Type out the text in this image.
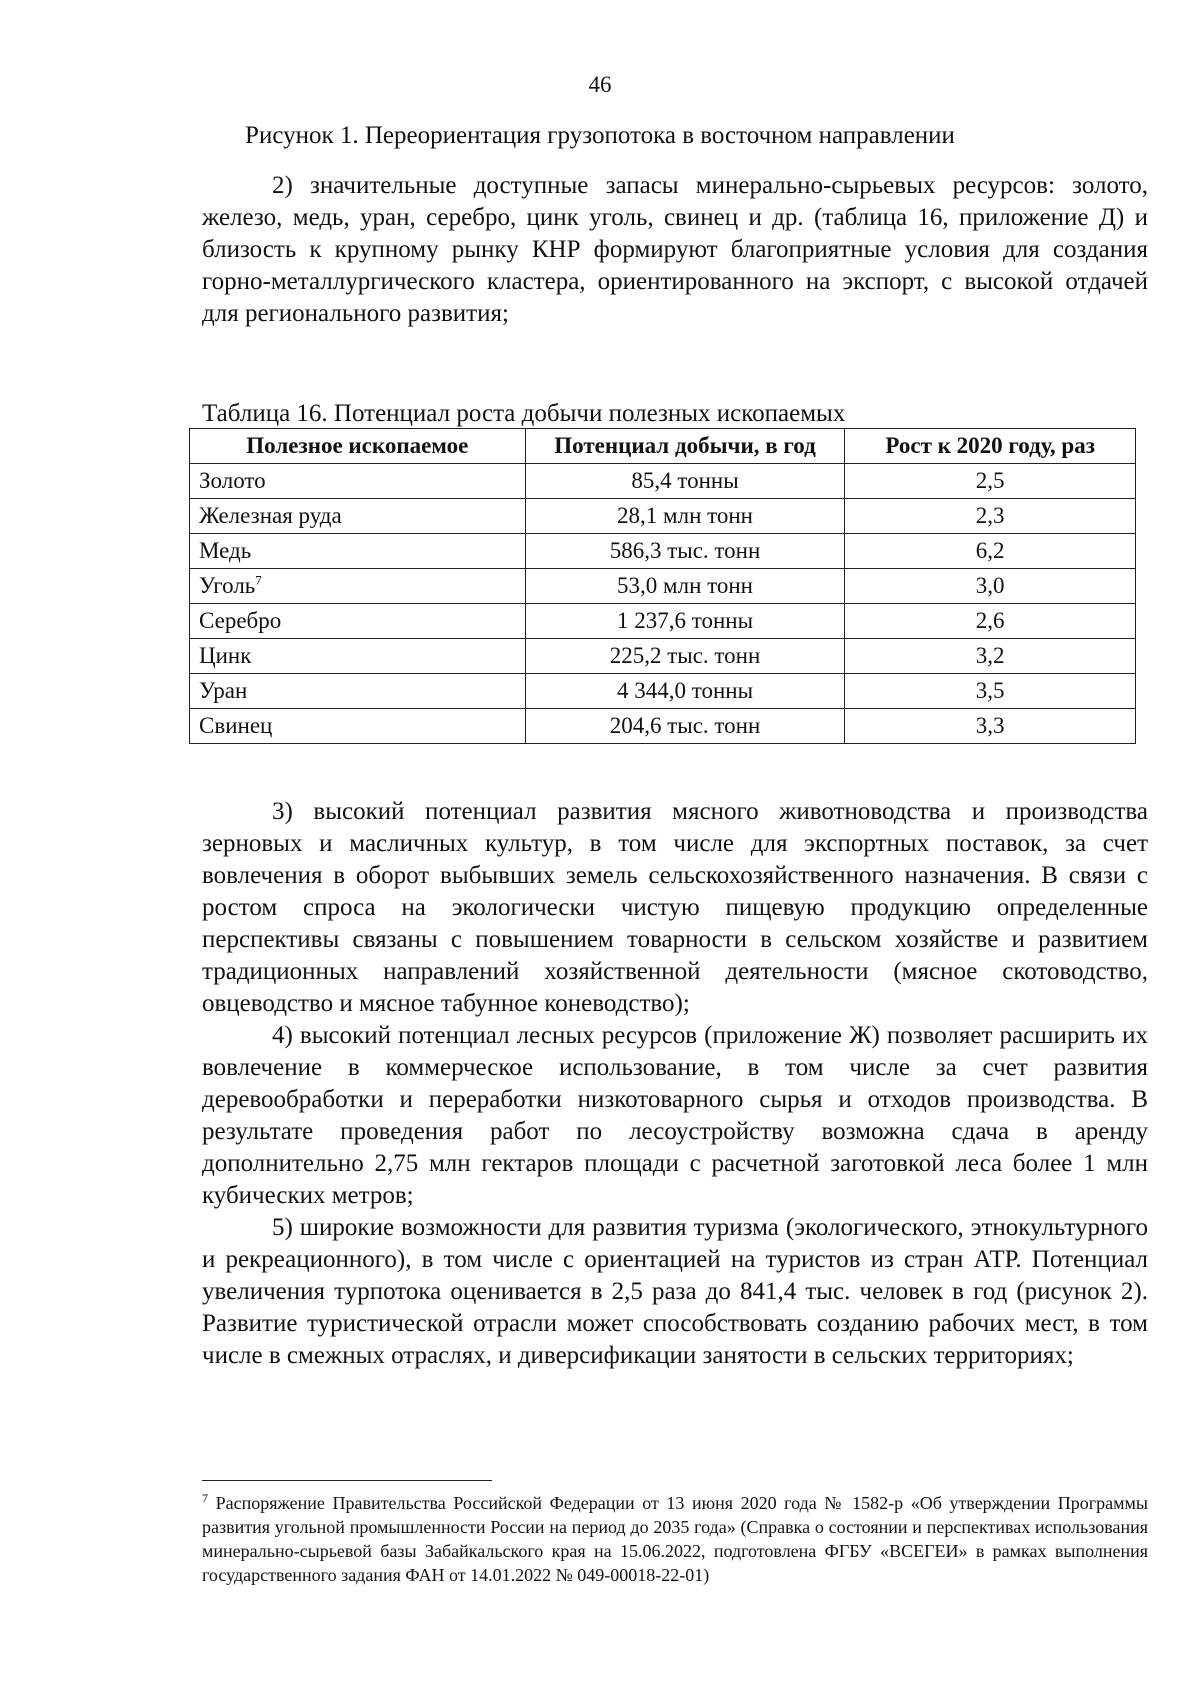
46
Рисунок 1. Переориентация грузопотока в восточном направлении

2) значительные доступные запасы минерально-сырьевых ресурсов: золото, железо, медь, уран, серебро, цинк уголь, свинец и др. (таблица 16, приложение Д) и близость к крупному рынку КНР формируют благоприятные условия для создания горно-металлургического кластера, ориентированного на экспорт, с высокой отдачей для регионального развития;

Таблица 16. Потенциал роста добычи полезных ископаемых
Полезное ископаемое	Потенциал добычи, в год	Рост к 2020 году, раз
Золото	85,4 тонны	2,5
Железная руда	28,1 млн тонн	2,3
Медь	586,3 тыс. тонн	6,2
Уголь$^7$	53,0 млн тонн	3,0
Серебро	1 237,6 тонны	2,6
Цинк	225,2 тыс. тонн	3,2
Уран	4 344,0 тонны	3,5
Свинец	204,6 тыс. тонн	3,3

3) высокий потенциал развития мясного животноводства и производства зерновых и масличных культур, в том числе для экспортных поставок, за счет вовлечения в оборот выбывших земель сельскохозяйственного назначения. В связи с ростом спроса на экологически чистую пищевую продукцию определенные перспективы связаны с повышением товарности в сельском хозяйстве и развитием традиционных направлений хозяйственной деятельности (мясное скотоводство, овцеводство и мясное табунное коневодство);

4) высокий потенциал лесных ресурсов (приложение Ж) позволяет расширить их вовлечение в коммерческое использование, в том числе за счет развития деревообработки и переработки низкотоварного сырья и отходов производства. В результате проведения работ по лесоустройству возможна сдача в аренду дополнительно 2,75 млн гектаров площади с расчетной заготовкой леса более 1 млн кубических метров;

5) широкие возможности для развития туризма (экологического, этнокультурного и рекреационного), в том числе с ориентацией на туристов из стран АТР. Потенциал увеличения турпотока оценивается в 2,5 раза до 841,4 тыс. человек в год (рисунок 2). Развитие туристической отрасли может способствовать созданию рабочих мест, в том числе в смежных отраслях, и диверсификации занятости в сельских территориях;

$^7$ Распоряжение Правительства Российской Федерации от 13 июня 2020 года № 1582-р «Об утверждении Программы развития угольной промышленности России на период до 2035 года» (Справка о состоянии и перспективах использования минерально-сырьевой базы Забайкальского края на 15.06.2022, подготовлена ФГБУ «ВСЕГЕИ» в рамках выполнения государственного задания ФАН от 14.01.2022 № 049-00018-22-01)
